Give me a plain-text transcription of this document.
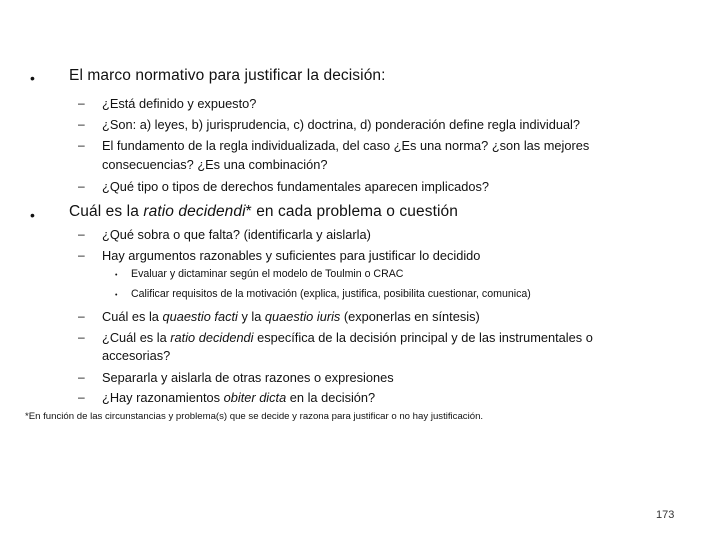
• El marco normativo para justificar la decisión:
– ¿Está definido y expuesto?
– ¿Son: a) leyes, b) jurisprudencia, c) doctrina, d) ponderación define regla individual?
– El fundamento de la regla individualizada, del caso ¿Es una norma? ¿son las mejores
consecuencias? ¿Es una combinación?
– ¿Qué tipo o tipos de derechos fundamentales aparecen implicados?
• Cuál es la ratio decidendi* en cada problema o cuestión
– ¿Qué sobra o que falta? (identificarla y aislarla)
– Hay argumentos razonables y suficientes para justificar lo decidido
• Evaluar y dictaminar según el modelo de Toulmin o CRAC
• Calificar requisitos de la motivación (explica, justifica, posibilita cuestionar, comunica)
– Cuál es la quaestio facti y la quaestio iuris (exponerlas en síntesis)
– ¿Cuál es la ratio decidendi específica de la decisión principal y de las instrumentales o
accesorias?
– Separarla y aislarla de otras razones o expresiones
– ¿Hay razonamientos obiter dicta en la decisión?
*En función de las circunstancias y problema(s) que se decide y razona para justificar o no hay justificación.
173
